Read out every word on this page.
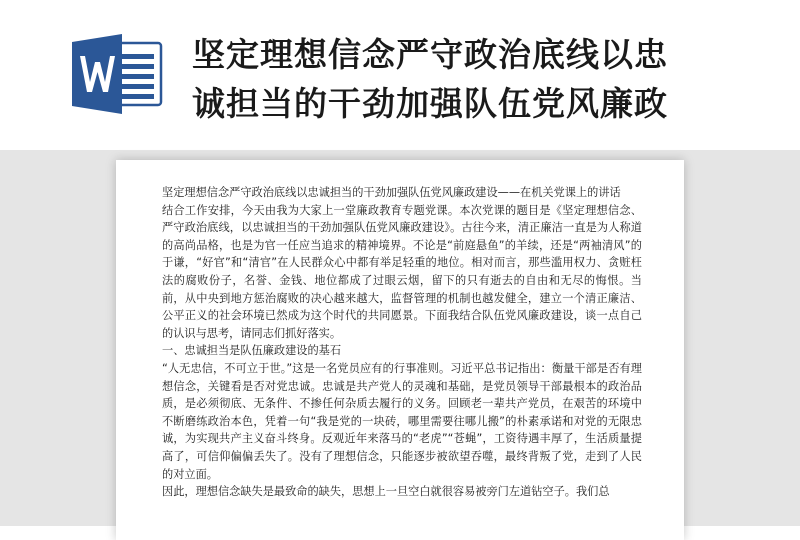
坚定理想信念严守政治底线以忠
诚担当的干劲加强队伍党风廉政

坚定理想信念严守政治底线以忠诚担当的干劲加强队伍党风廉政建设——在机关党课上的讲话

结合工作安排，今天由我为大家上一堂廉政教育专题党课。本次党课的题目是《坚定理想信念、严守政治底线，以忠诚担当的干劲加强队伍党风廉政建设》。古往今来，清正廉洁一直是为人称道的高尚品格，也是为官一任应当追求的精神境界。不论是“前庭悬鱼”的羊续，还是“两袖清风”的于谦，“好官”和“清官”在人民群众心中都有举足轻重的地位。相对而言，那些滥用权力、贪赃枉法的腐败份子，名誉、金钱、地位都成了过眼云烟，留下的只有逝去的自由和无尽的悔恨。当前，从中央到地方惩治腐败的决心越来越大，监督管理的机制也越发健全，建立一个清正廉洁、公平正义的社会环境已然成为这个时代的共同愿景。下面我结合队伍党风廉政建设，谈一点自己的认识与思考，请同志们抓好落实。

一、忠诚担当是队伍廉政建设的基石

“人无忠信，不可立于世。”这是一名党员应有的行事准则。习近平总书记指出：衡量干部是否有理想信念，关键看是否对党忠诚。忠诚是共产党人的灵魂和基础，是党员领导干部最根本的政治品质，是必须彻底、无条件、不掺任何杂质去履行的义务。回顾老一辈共产党员，在艰苦的环境中不断磨练政治本色，凭着一句“我是党的一块砖，哪里需要往哪儿搬”的朴素承诺和对党的无限忠诚，为实现共产主义奋斗终身。反观近年来落马的“老虎”“苍蝇”，工资待遇丰厚了，生活质量提高了，可信仰偏偏丢失了。没有了理想信念，只能逐步被欲望吞噬，最终背叛了党，走到了人民的对立面。

因此，理想信念缺失是最致命的缺失，思想上一旦空白就很容易被旁门左道钻空子。我们总
